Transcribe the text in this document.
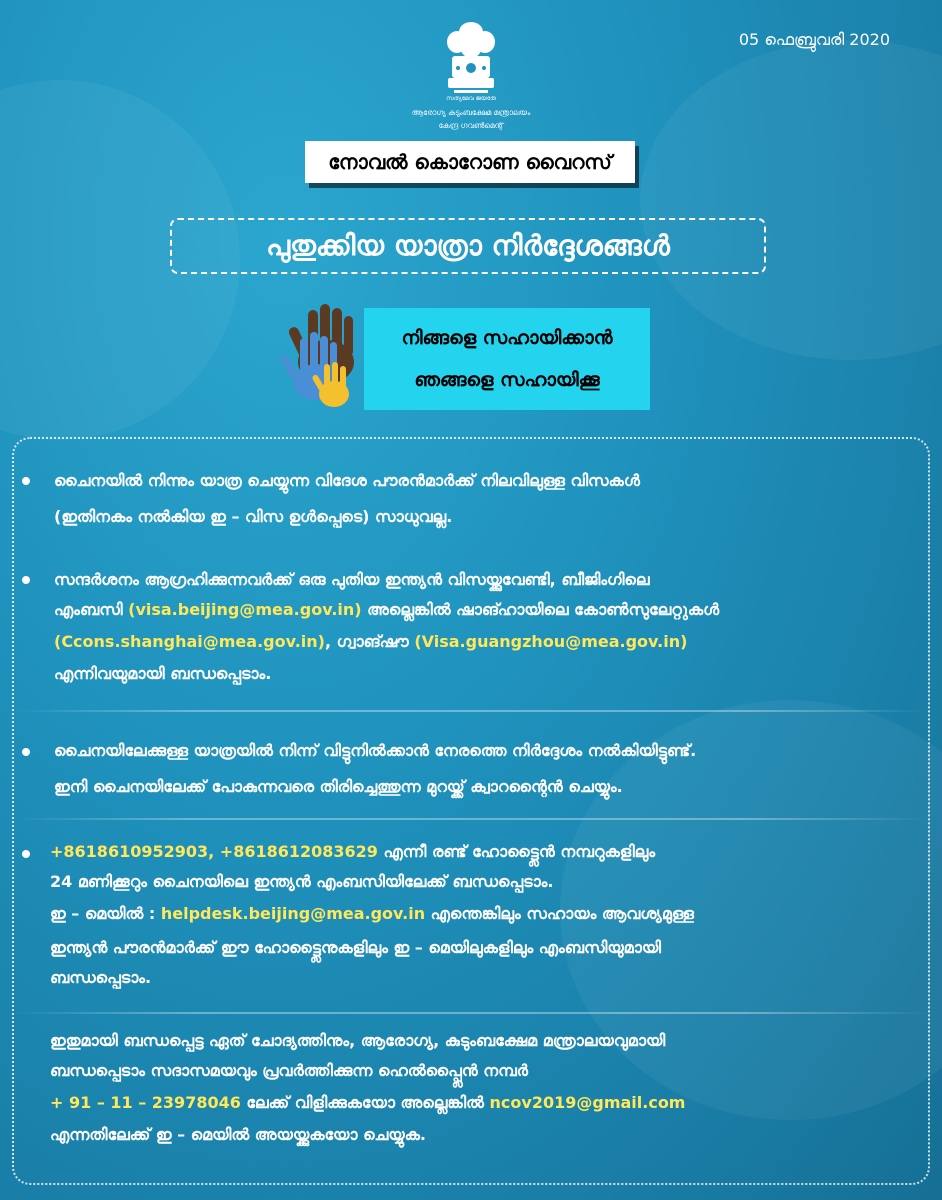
05 ഫെബ്രുവരി 2020
സത്യമേവ ജയതേ
ആരോഗ്യ കുടുംബക്ഷേമ മന്ത്രാലയം
കേന്ദ്ര ഗവൺമെന്റ്
നോവൽ കൊറോണ വൈറസ്
പുതുക്കിയ യാത്രാ നിർദ്ദേശങ്ങൾ
നിങ്ങളെ സഹായിക്കാൻ
ഞങ്ങളെ സഹായിക്കൂ
ചൈനയിൽ നിന്നും യാത്ര ചെയ്യുന്ന വിദേശ പൗരൻമാർക്ക് നിലവിലുള്ള വിസകൾ
(ഇതിനകം നൽകിയ ഇ – വിസ ഉൾപ്പെടെ) സാധുവല്ല.
സന്ദർശനം ആഗ്രഹിക്കുന്നവർക്ക് ഒരു പുതിയ ഇന്ത്യൻ വിസയ്ക്കുവേണ്ടി, ബീജിംഗിലെ
എംബസി (visa.beijing@mea.gov.in) അല്ലെങ്കിൽ ഷാങ്ഹായിലെ കോൺസുലേറ്റുകൾ
(Ccons.shanghai@mea.gov.in), ഗ്വാങ്ഷൗ (Visa.guangzhou@mea.gov.in)
എന്നിവയുമായി ബന്ധപ്പെടാം.
ചൈനയിലേക്കുള്ള യാത്രയിൽ നിന്ന് വിട്ടുനിൽക്കാൻ നേരത്തെ നിർദ്ദേശം നൽകിയിട്ടുണ്ട്.
ഇനി ചൈനയിലേക്ക് പോകുന്നവരെ തിരിച്ചെത്തുന്ന മുറയ്ക്ക് ക്വാറന്റൈൻ ചെയ്യും.
+8618610952903, +8618612083629 എന്നീ രണ്ട് ഹോട്ട്ലൈൻ നമ്പറുകളിലും
24 മണിക്കൂറും ചൈനയിലെ ഇന്ത്യൻ എംബസിയിലേക്ക് ബന്ധപ്പെടാം.
ഇ – മെയിൽ : helpdesk.beijing@mea.gov.in എന്തെങ്കിലും സഹായം ആവശ്യമുള്ള
ഇന്ത്യൻ പൗരൻമാർക്ക് ഈ ഹോട്ട്ലൈനുകളിലും ഇ – മെയിലുകളിലും എംബസിയുമായി
ബന്ധപ്പെടാം.
ഇതുമായി ബന്ധപ്പെട്ട ഏത് ചോദ്യത്തിനും, ആരോഗ്യ, കുടുംബക്ഷേമ മന്ത്രാലയവുമായി
ബന്ധപ്പെടാം സദാസമയവും പ്രവർത്തിക്കുന്ന ഹെൽപ്പ്ലൈൻ നമ്പർ
+ 91 – 11 – 23978046 ലേക്ക് വിളിക്കുകയോ അല്ലെങ്കിൽ ncov2019@gmail.com
എന്നതിലേക്ക് ഇ – മെയിൽ അയയ്ക്കുകയോ ചെയ്യുക.
